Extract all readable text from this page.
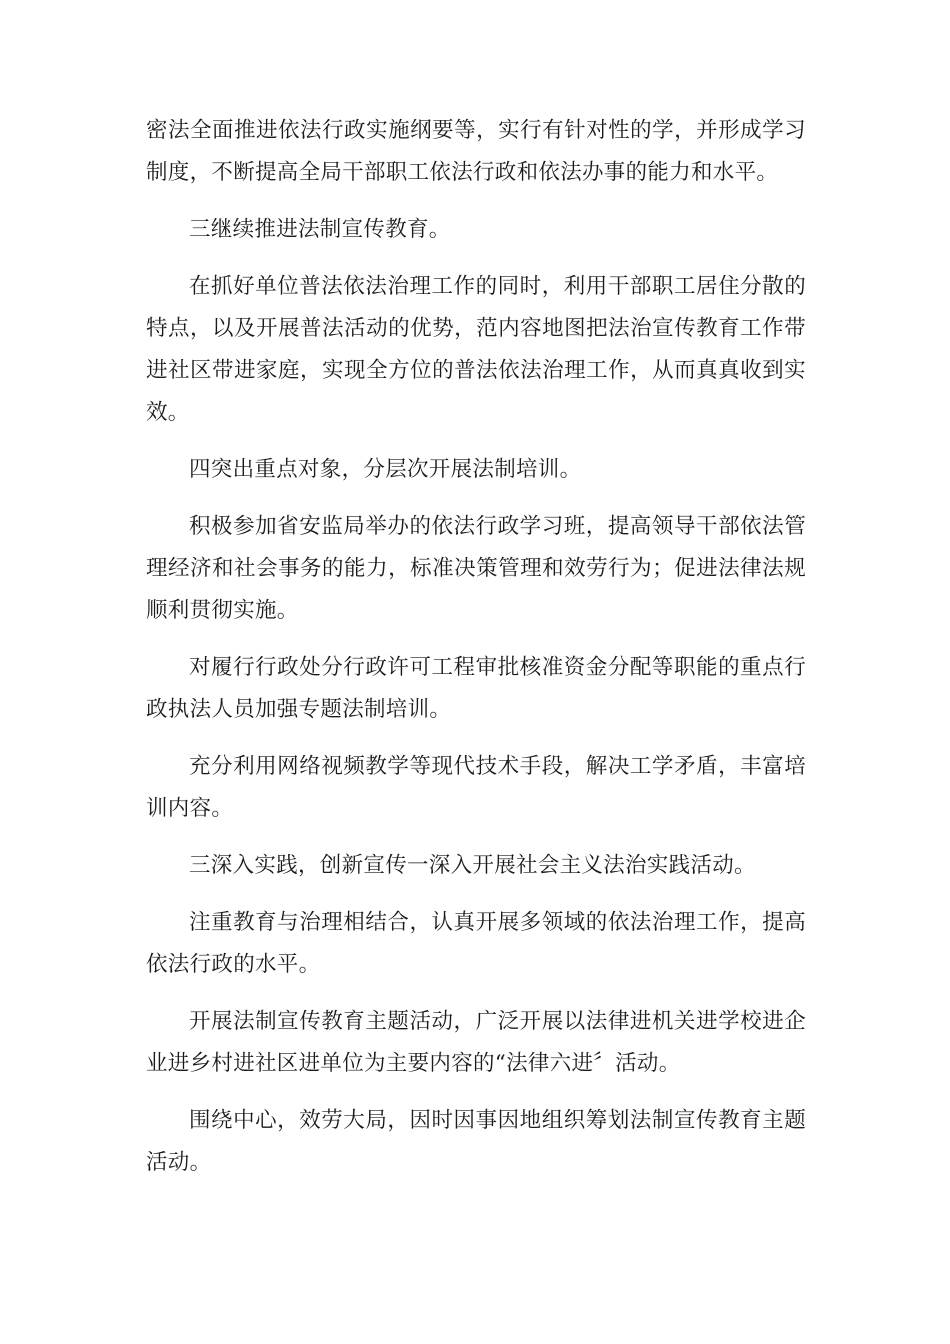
密法全面推进依法行政实施纲要等，实行有针对性的学，并形成学习制度，不断提高全局干部职工依法行政和依法办事的能力和水平。

三继续推进法制宣传教育。

在抓好单位普法依法治理工作的同时，利用干部职工居住分散的特点，以及开展普法活动的优势，范内容地图把法治宣传教育工作带进社区带进家庭，实现全方位的普法依法治理工作，从而真真收到实效。

四突出重点对象，分层次开展法制培训。

积极参加省安监局举办的依法行政学习班，提高领导干部依法管理经济和社会事务的能力，标准决策管理和效劳行为；促进法律法规顺利贯彻实施。

对履行行政处分行政许可工程审批核准资金分配等职能的重点行政执法人员加强专题法制培训。

充分利用网络视频教学等现代技术手段，解决工学矛盾，丰富培训内容。

三深入实践，创新宣传一深入开展社会主义法治实践活动。

注重教育与治理相结合，认真开展多领域的依法治理工作，提高依法行政的水平。

开展法制宣传教育主题活动，广泛开展以法律进机关进学校进企业进乡村进社区进单位为主要内容的“法律六进〞活动。

围绕中心，效劳大局，因时因事因地组织筹划法制宣传教育主题活动。
